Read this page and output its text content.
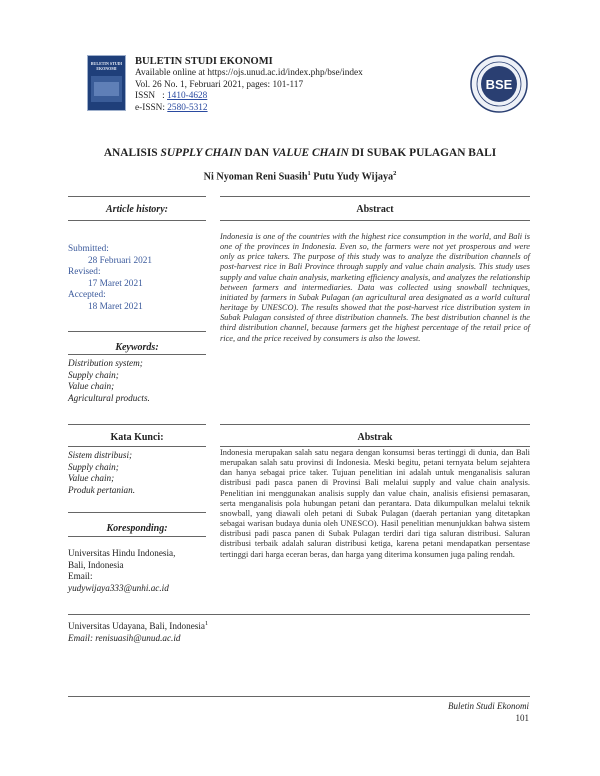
BULETIN STUDI EKONOMI
BULETIN STUDI EKONOMI
Available online at https://ojs.unud.ac.id/index.php/bse/index
Vol. 26 No. 1, Februari 2021, pages: 101-117
ISSN   : 1410-4628
e-ISSN: 2580-5312
BSE
ANALISIS SUPPLY CHAIN DAN VALUE CHAIN DI SUBAK PULAGAN BALI
Ni Nyoman Reni Suasih$^1$ Putu Yudy Wijaya$^2$
Article history:	Abstract
Submitted:
28 Februari 2021
Revised:
17 Maret 2021
Accepted:
18 Maret 2021
Indonesia is one of the countries with the highest rice consumption in the world, and Bali is one of the provinces in Indonesia. Even so, the farmers were not yet prosperous and were only as price takers. The purpose of this study was to analyze the distribution channels of post-harvest rice in Bali Province through supply and value chain analysis. This study uses supply and value chain analysis, marketing efficiency analysis, and analyzes the relationship between farmers and intermediaries. Data was collected using snowball techniques, initiated by farmers in Subak Pulagan (an agricultural area designated as a world cultural heritage by UNESCO). The results showed that the post-harvest rice distribution system in Subak Pulagan consisted of three distribution channels. The best distribution channel is the third distribution channel, because farmers get the highest percentage of the retail price of rice, and the price received by consumers is also the lowest.
Keywords:
Distribution system;
Supply chain;
Value chain;
Agricultural products.
Kata Kunci:	Abstrak
Sistem distribusi;
Supply chain;
Value chain;
Produk pertanian.
Indonesia merupakan salah satu negara dengan konsumsi beras tertinggi di dunia, dan Bali merupakan salah satu provinsi di Indonesia. Meski begitu, petani ternyata belum sejahtera dan hanya sebagai price taker. Tujuan penelitian ini adalah untuk menganalisis saluran distribusi padi pasca panen di Provinsi Bali melalui supply and value chain analysis. Penelitian ini menggunakan analisis supply dan value chain, analisis efisiensi pemasaran, serta menganalisis pola hubungan petani dan perantara. Data dikumpulkan melalui teknik snowball, yang diawali oleh petani di Subak Pulagan (daerah pertanian yang ditetapkan sebagai warisan budaya dunia oleh UNESCO). Hasil penelitian menunjukkan bahwa sistem distribusi padi pasca panen di Subak Pulagan terdiri dari tiga saluran distribusi. Saluran distribusi terbaik adalah saluran distribusi ketiga, karena petani mendapatkan persentase tertinggi dari harga eceran beras, dan harga yang diterima konsumen juga paling rendah.
Koresponding:
Universitas Hindu Indonesia,
Bali, Indonesia
Email:
yudywijaya333@unhi.ac.id
Universitas Udayana, Bali, Indonesia$^1$
Email: renisuasih@unud.ac.id
Buletin Studi Ekonomi
101
